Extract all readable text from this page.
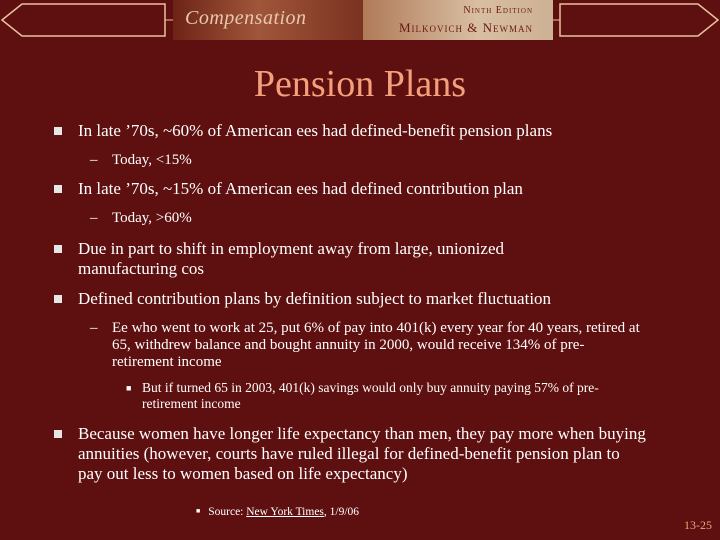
Compensation	Ninth Edition
Milkovich & Newman
Pension Plans
In late ’70s, ~60% of American ees had defined-benefit pension plans
– Today, <15%
In late ’70s, ~15% of American ees had defined contribution plan
– Today, >60%
Due in part to shift in employment away from large, unionized manufacturing cos
Defined contribution plans by definition subject to market fluctuation
– Ee who went to work at 25, put 6% of pay into 401(k) every year for 40 years, retired at 65, withdrew balance and bought annuity in 2000, would receive 134% of pre-retirement income
■ But if turned 65 in 2003, 401(k) savings would only buy annuity paying 57% of pre-retirement income
Because women have longer life expectancy than men, they pay more when buying annuities (however, courts have ruled illegal for defined-benefit pension plan to pay out less to women based on life expectancy)
■ Source: New York Times, 1/9/06
13-25
